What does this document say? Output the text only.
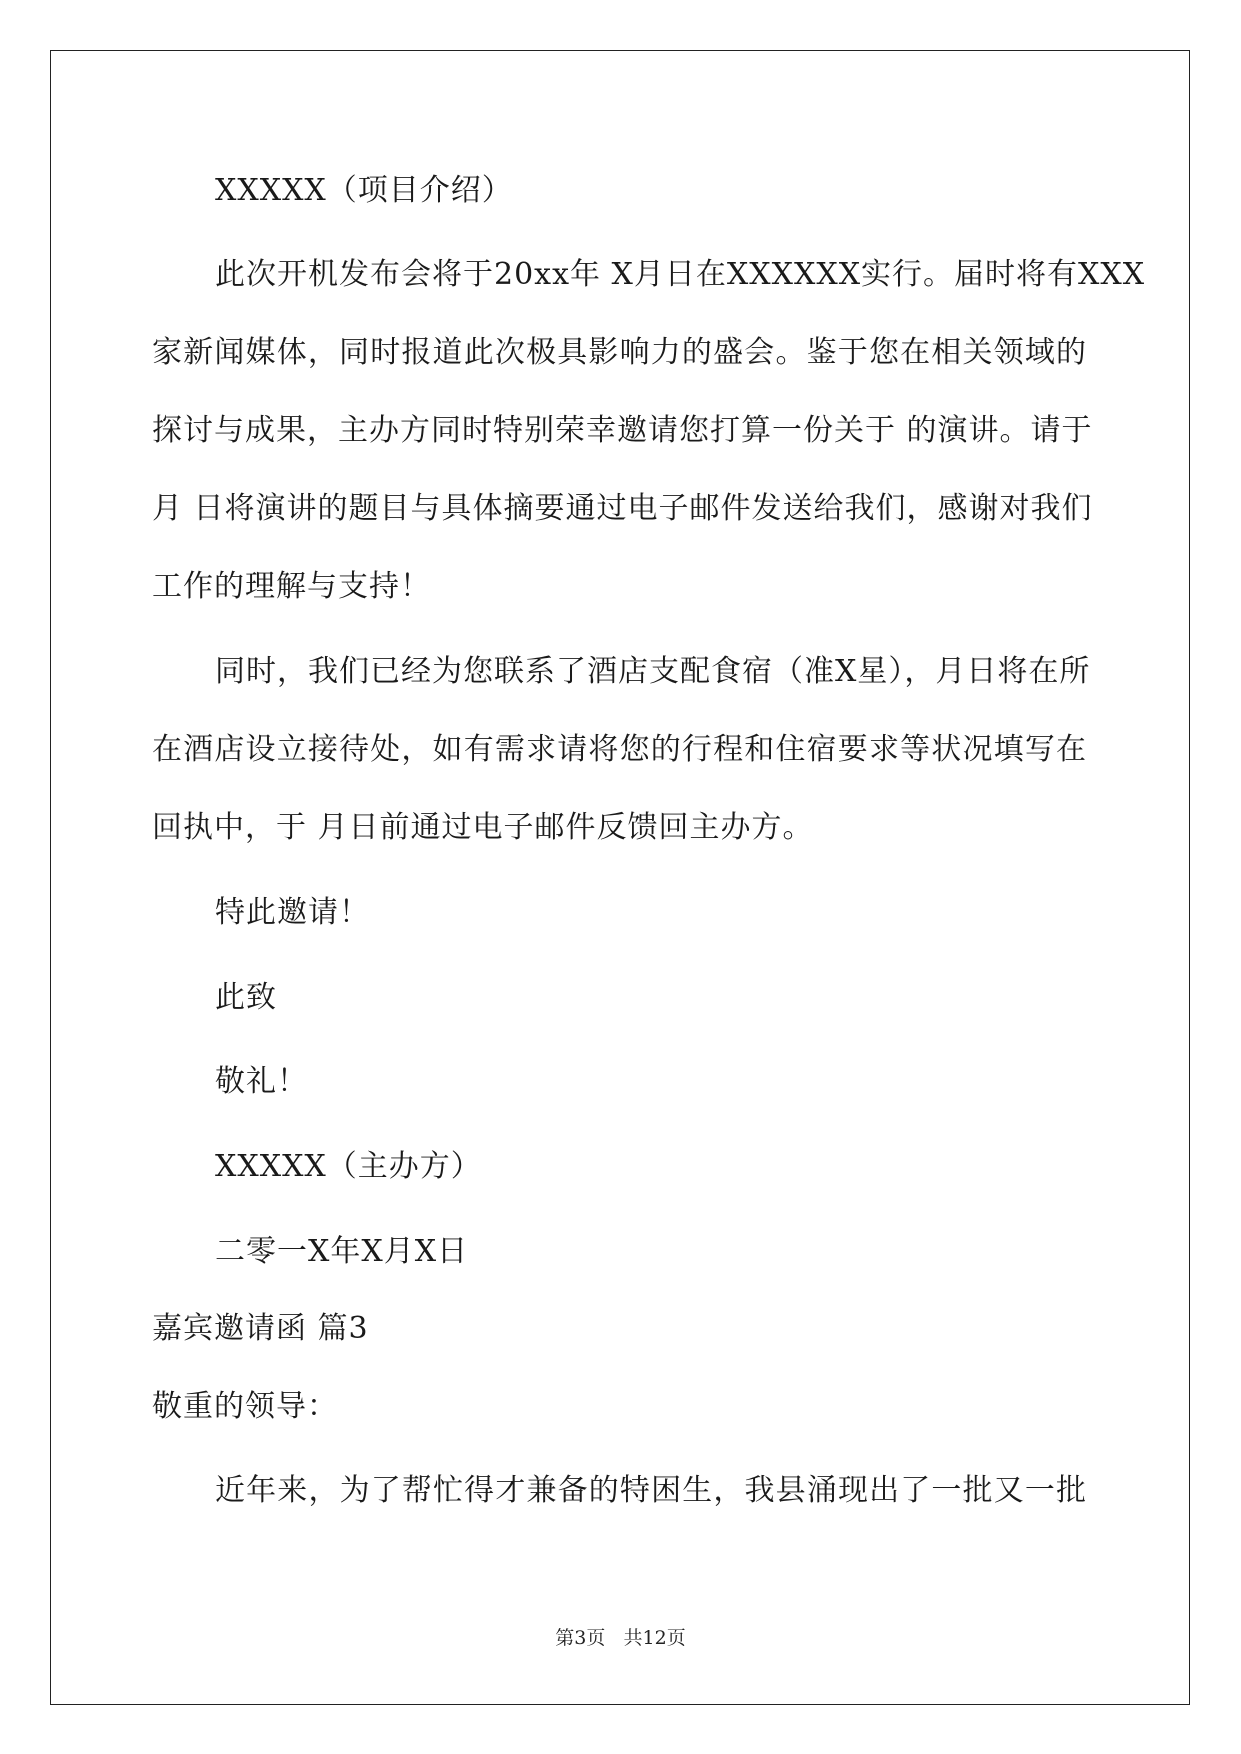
XXXXX（项目介绍）
此次开机发布会将于20xx年 X月日在XXXXXX实行。届时将有XXX
家新闻媒体，同时报道此次极具影响力的盛会。鉴于您在相关领域的
探讨与成果，主办方同时特别荣幸邀请您打算一份关于 的演讲。请于
月 日将演讲的题目与具体摘要通过电子邮件发送给我们，感谢对我们
工作的理解与支持！
同时，我们已经为您联系了酒店支配食宿（准X星），月日将在所
在酒店设立接待处，如有需求请将您的行程和住宿要求等状况填写在
回执中，于 月日前通过电子邮件反馈回主办方。
特此邀请！
此致
敬礼！
XXXXX（主办方）
二零一X年X月X日
嘉宾邀请函 篇3
敬重的领导：
近年来，为了帮忙得才兼备的特困生，我县涌现出了一批又一批
第3页 共12页
